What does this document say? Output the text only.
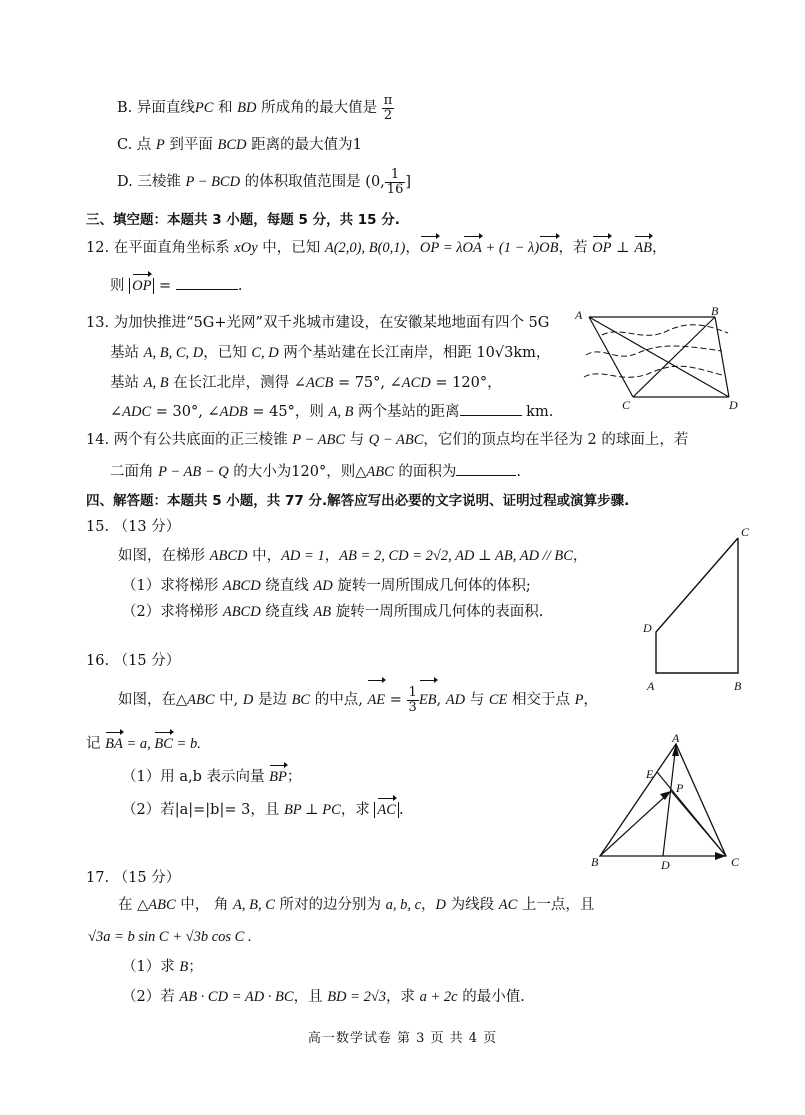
B. 异面直线PC 和 BD 所成角的最大值是 $\frac{\pi}{2}$
C. 点 P 到平面 BCD 距离的最大值为1
D. 三棱锥 P − BCD 的体积取值范围是 (0, $\frac{1}{16}$ ]
三、填空题：本题共 3 小题，每题 5 分，共 15 分.
12. 在平面直角坐标系 xOy 中，已知 A(2,0), B(0,1)，OP = λOA + (1 − λ)OB，若 OP ⊥ AB，
则 OP =	.
13. 为加快推进“5G+光网”双千兆城市建设，在安徽某地地面有四个 5G
基站 A, B, C, D，已知 C, D 两个基站建在长江南岸，相距 10√3km，
基站 A, B 在长江北岸，测得 ∠ACB = 75°, ∠ACD = 120°，
∠ADC = 30°, ∠ADB = 45°，则 A, B 两个基站的距离	km.
A	B
C	D
14. 两个有公共底面的正三棱锥 P − ABC 与 Q − ABC，它们的顶点均在半径为 2 的球面上，若
二面角 P − AB − Q 的大小为120°，则△ABC 的面积为	.
四、解答题：本题共 5 小题，共 77 分.解答应写出必要的文字说明、证明过程或演算步骤.
15. （13 分）
如图，在梯形 ABCD 中，AD = 1，AB = 2, CD = 2√2, AD ⊥ AB, AD // BC，
（1）求将梯形 ABCD 绕直线 AD 旋转一周所围成几何体的体积;
（2）求将梯形 ABCD 绕直线 AB 旋转一周所围成几何体的表面积.
C
D
A	B
16. （15 分）
如图，在△ABC 中, D 是边 BC 的中点, AE = $\frac{1}{3}$ EB, AD 与 CE 相交于点 P，
记 BA = a, BC = b.
（1）用 a,b 表示向量 BP；
（2）若|a|=|b|= 3，且 BP ⊥ PC，求 AC .
A
E
P
B	D	C
17. （15 分）
在 △ABC 中， 角 A, B, C 所对的边分别为 a, b, c，D 为线段 AC 上一点，且
√3a = b sin C + √3b cos C .
（1）求 B；
（2）若 AB · CD = AD · BC，且 BD = 2√3，求 a + 2c 的最小值.
高一数学试卷 第 3 页 共 4 页
